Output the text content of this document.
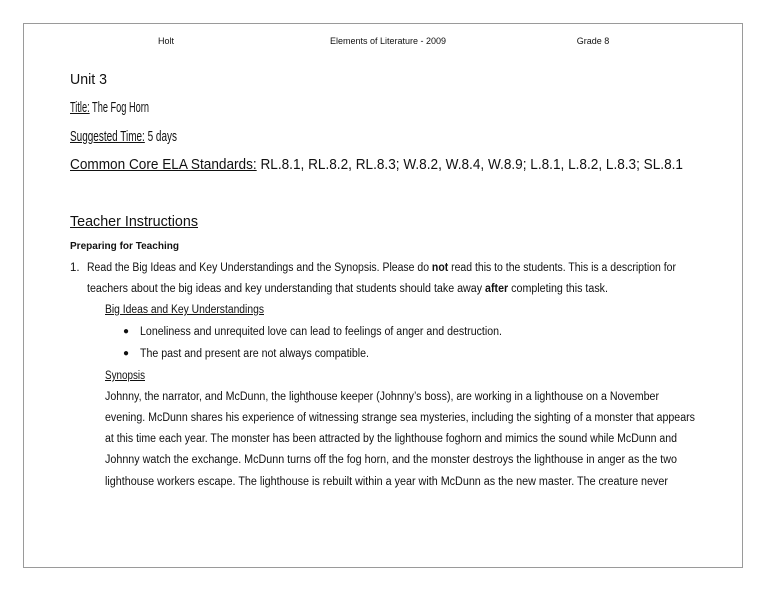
Holt	Elements of Literature - 2009	Grade 8
Unit 3
Title: The Fog Horn
Suggested Time: 5 days
Common Core ELA Standards: RL.8.1, RL.8.2, RL.8.3; W.8.2, W.8.4, W.8.9; L.8.1, L.8.2, L.8.3; SL.8.1
Teacher Instructions
Preparing for Teaching
1. Read the Big Ideas and Key Understandings and the Synopsis. Please do not read this to the students. This is a description for
teachers about the big ideas and key understanding that students should take away after completing this task.
Big Ideas and Key Understandings
● Loneliness and unrequited love can lead to feelings of anger and destruction.
● The past and present are not always compatible.
Synopsis
Johnny, the narrator, and McDunn, the lighthouse keeper (Johnny’s boss), are working in a lighthouse on a November
evening. McDunn shares his experience of witnessing strange sea mysteries, including the sighting of a monster that appears
at this time each year. The monster has been attracted by the lighthouse foghorn and mimics the sound while McDunn and
Johnny watch the exchange. McDunn turns off the fog horn, and the monster destroys the lighthouse in anger as the two
lighthouse workers escape. The lighthouse is rebuilt within a year with McDunn as the new master. The creature never
